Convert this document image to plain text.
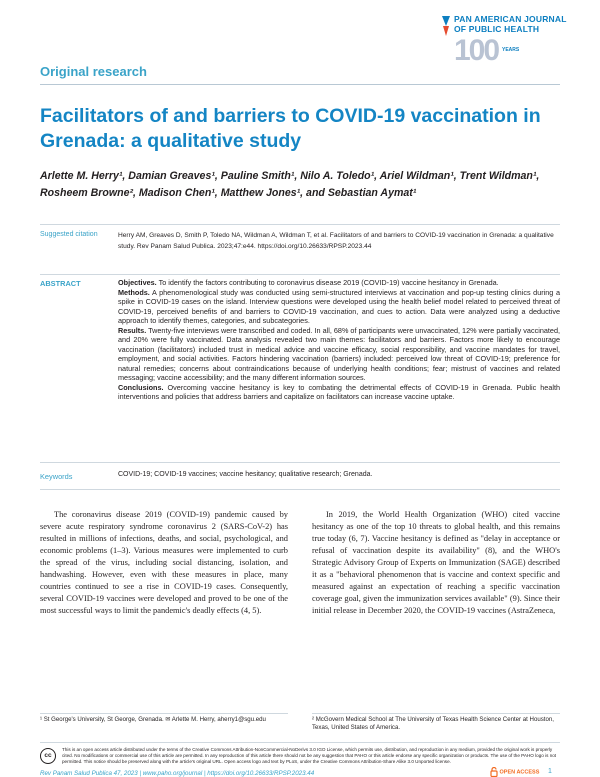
PAN AMERICAN JOURNAL
OF PUBLIC HEALTH
100 YEARS
Original research
Facilitators of and barriers to COVID-19 vaccination in Grenada: a qualitative study
Arlette M. Herry¹, Damian Greaves¹, Pauline Smith¹, Nilo A. Toledo¹, Ariel Wildman¹, Trent Wildman¹,
Rosheem Browne², Madison Chen¹, Matthew Jones¹, and Sebastian Aymat¹
Suggested citation	Herry AM, Greaves D, Smith P, Toledo NA, Wildman A, Wildman T, et al. Facilitators of and barriers to COVID-19 vaccination in Grenada: a qualitative study. Rev Panam Salud Publica. 2023;47:e44. https://doi.org/10.26633/RPSP.2023.44
ABSTRACT	Objectives. To identify the factors contributing to coronavirus disease 2019 (COVID-19) vaccine hesitancy in Grenada.

Methods. A phenomenological study was conducted using semi-structured interviews at vaccination and pop-up testing clinics during a spike in COVID-19 cases on the island. Interview questions were developed using the health belief model related to perceived threat of COVID-19, perceived benefits of and barriers to COVID-19 vaccination, and cues to action. Data were analyzed using a deductive approach to identify themes, categories, and subcategories.

Results. Twenty-five interviews were transcribed and coded. In all, 68% of participants were unvaccinated, 12% were partially vaccinated, and 20% were fully vaccinated. Data analysis revealed two main themes: facilitators and barriers. Factors more likely to encourage vaccination (facilitators) included trust in medical advice and vaccine efficacy, social responsibility, and vaccine mandates for travel, employment, and social activities. Factors hindering vaccination (barriers) included: perceived low threat of COVID-19; preference for natural remedies; concerns about contraindications because of underlying health conditions; fear; mistrust of vaccines and related messaging; vaccine accessibility; and the many different information sources.

Conclusions. Overcoming vaccine hesitancy is key to combating the detrimental effects of COVID-19 in Grenada. Public health interventions and policies that address barriers and capitalize on facilitators can increase vaccine uptake.

Keywords	COVID-19; COVID-19 vaccines; vaccine hesitancy; qualitative research; Grenada.

The coronavirus disease 2019 (COVID-19) pandemic caused by severe acute respiratory syndrome coronavirus 2 (SARS-CoV-2) has resulted in millions of infections, deaths, and social, psychological, and economic problems (1–3). Various measures were implemented to curb the spread of the virus, including social distancing, isolation, and handwashing. However, even with these measures in place, many countries continued to see a rise in COVID-19 cases. Consequently, several COVID-19 vaccines were developed and proved to be one of the most successful ways to limit the pandemic's deadly effects (4, 5).

In 2019, the World Health Organization (WHO) cited vaccine hesitancy as one of the top 10 threats to global health, and this remains true today (6, 7). Vaccine hesitancy is defined as "delay in acceptance or refusal of vaccination despite its availability" (8), and the WHO's Strategic Advisory Group of Experts on Immunization (SAGE) described it as a "behavioral phenomenon that is vaccine and context specific and measured against an expectation of reaching a specific vaccination coverage goal, given the immunization services available" (9). Since their initial release in December 2020, the COVID-19 vaccines (AstraZeneca,

¹ St George's University, St George, Grenada. ✉ Arlette M. Herry, aherry1@sgu.edu	² McGovern Medical School at The University of Texas Health Science Center at Houston, Texas, United States of America.
cc
This is an open access article distributed under the terms of the Creative Commons Attribution-NonCommercial-NoDerivs 3.0 IGO License, which permits use, distribution, and reproduction in any medium, provided the original work is properly cited. No modifications or commercial use of this article are permitted. In any reproduction of this article there should not be any suggestion that PAHO or this article endorse any specific organization or products. The use of the PAHO logo is not permitted. This notice should be preserved along with the article's original URL. Open access logo and text by PLoS, under the Creative Commons Attribution-Share Alike 3.0 Unported license.
Rev Panam Salud Publica 47, 2023 | www.paho.org/journal | https://doi.org/10.26633/RPSP.2023.44	OPEN ACCESS 1
